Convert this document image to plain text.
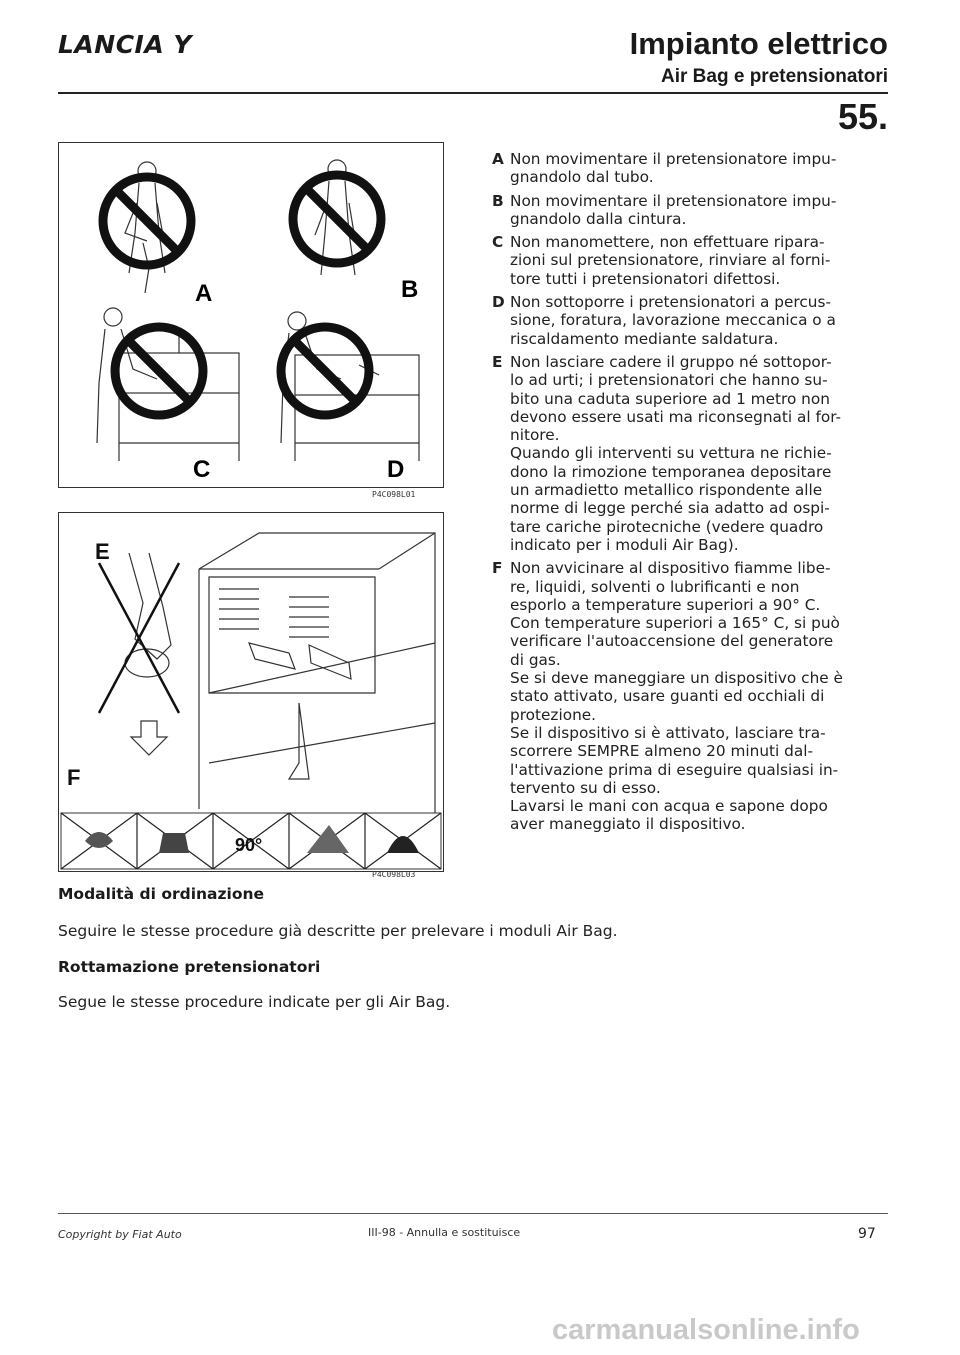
LANCIA Y	Impianto elettrico
Air Bag e pretensionatori
55.
A	B
C	D
P4C098L01
E
F
90°
P4C098L03
A Non movimentare il pretensionatore impu-
gnandolo dal tubo.
B Non movimentare il pretensionatore impu-
gnandolo dalla cintura.
C Non manomettere, non effettuare ripara-
zioni sul pretensionatore, rinviare al forni-
tore tutti i pretensionatori difettosi.
D Non sottoporre i pretensionatori a percus-
sione, foratura, lavorazione meccanica o a
riscaldamento mediante saldatura.
E Non lasciare cadere il gruppo né sottopor-
lo ad urti; i pretensionatori che hanno su-
bito una caduta superiore ad 1 metro non
devono essere usati ma riconsegnati al for-
nitore.
Quando gli interventi su vettura ne richie-
dono la rimozione temporanea depositare
un armadietto metallico rispondente alle
norme di legge perché sia adatto ad ospi-
tare cariche pirotecniche (vedere quadro
indicato per i moduli Air Bag).
F Non avvicinare al dispositivo fiamme libe-
re, liquidi, solventi o lubrificanti e non
esporlo a temperature superiori a 90° C.
Con temperature superiori a 165° C, si può
verificare l'autoaccensione del generatore
di gas.
Se si deve maneggiare un dispositivo che è
stato attivato, usare guanti ed occhiali di
protezione.
Se il dispositivo si è attivato, lasciare tra-
scorrere SEMPRE almeno 20 minuti dal-
l'attivazione prima di eseguire qualsiasi in-
tervento su di esso.
Lavarsi le mani con acqua e sapone dopo
aver maneggiato il dispositivo.
Modalità di ordinazione
Seguire le stesse procedure già descritte per prelevare i moduli Air Bag.
Rottamazione pretensionatori
Segue le stesse procedure indicate per gli Air Bag.
Copyright by Fiat Auto	III-98 - Annulla e sostituisce	97
carmanualsonline.info
